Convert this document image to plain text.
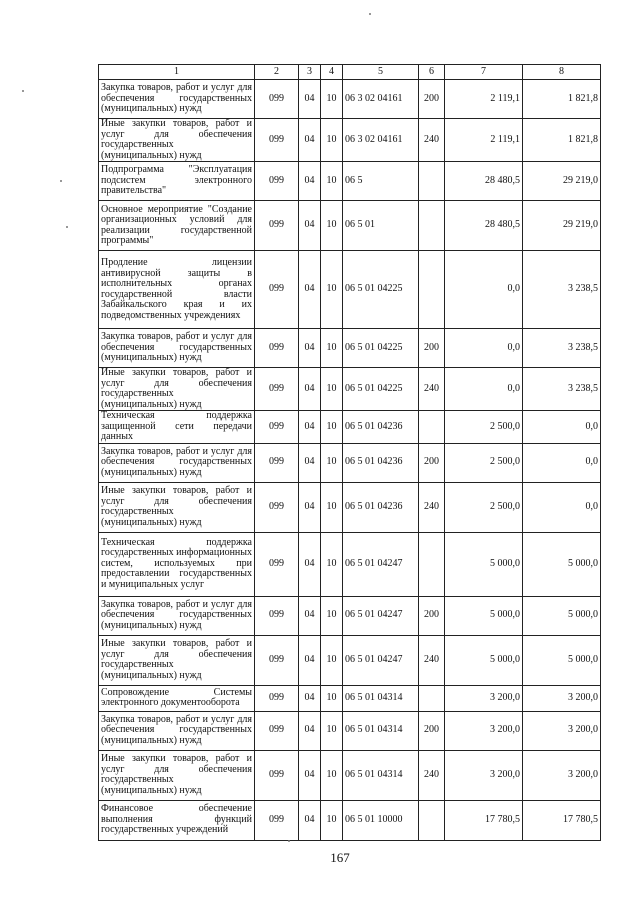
1	2	3	4	5	6	7	8
Закупка товаров, работ и услуг для обеспечения государственных (муниципальных) нужд	099	04	10	06 3 02 04161	200	2 119,1	1 821,8
Иные закупки товаров, работ и услуг для обеспечения государственных (муниципальных) нужд	099	04	10	06 3 02 04161	240	2 119,1	1 821,8
Подпрограмма "Эксплуатация подсистем электронного правительства"	099	04	10	06 5		28 480,5	29 219,0
Основное мероприятие "Создание организационных условий для реализации государственной программы"	099	04	10	06 5 01		28 480,5	29 219,0
Продление лицензии антивирусной защиты в исполнительных органах государственной власти Забайкальского края и их подведомственных учреждениях	099	04	10	06 5 01 04225		0,0	3 238,5
Закупка товаров, работ и услуг для обеспечения государственных (муниципальных) нужд	099	04	10	06 5 01 04225	200	0,0	3 238,5
Иные закупки товаров, работ и услуг для обеспечения государственных (муниципальных) нужд	099	04	10	06 5 01 04225	240	0,0	3 238,5
Техническая поддержка защищенной сети передачи данных	099	04	10	06 5 01 04236		2 500,0	0,0
Закупка товаров, работ и услуг для обеспечения государственных (муниципальных) нужд	099	04	10	06 5 01 04236	200	2 500,0	0,0
Иные закупки товаров, работ и услуг для обеспечения государственных (муниципальных) нужд	099	04	10	06 5 01 04236	240	2 500,0	0,0
Техническая поддержка государственных информационных систем, используемых при предоставлении государственных и муниципальных услуг	099	04	10	06 5 01 04247		5 000,0	5 000,0
Закупка товаров, работ и услуг для обеспечения государственных (муниципальных) нужд	099	04	10	06 5 01 04247	200	5 000,0	5 000,0
Иные закупки товаров, работ и услуг для обеспечения государственных (муниципальных) нужд	099	04	10	06 5 01 04247	240	5 000,0	5 000,0
Сопровождение Системы электронного документооборота	099	04	10	06 5 01 04314		3 200,0	3 200,0
Закупка товаров, работ и услуг для обеспечения государственных (муниципальных) нужд	099	04	10	06 5 01 04314	200	3 200,0	3 200,0
Иные закупки товаров, работ и услуг для обеспечения государственных (муниципальных) нужд	099	04	10	06 5 01 04314	240	3 200,0	3 200,0
Финансовое обеспечение выполнения функций государственных учреждений	099	04	10	06 5 01 10000		17 780,5	17 780,5
167
